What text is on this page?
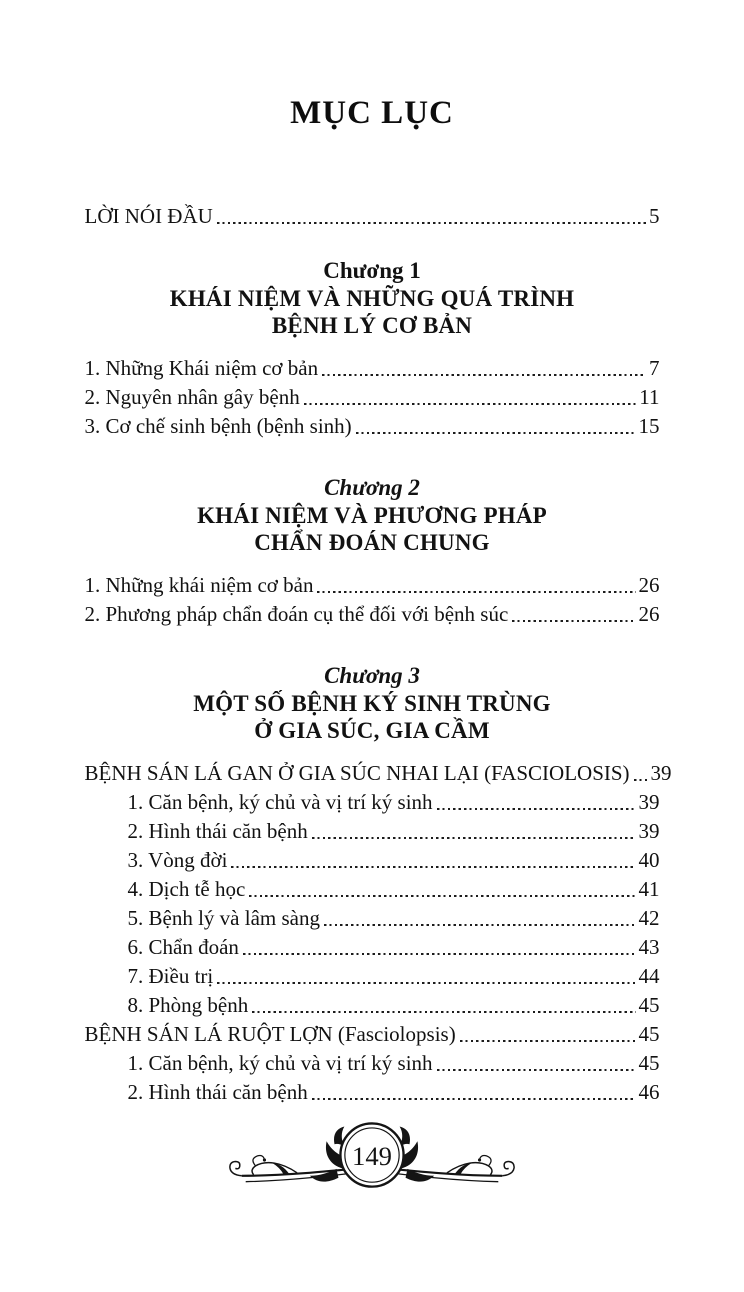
MỤC LỤC
LỜI NÓI ĐẦU	5
Chương 1
KHÁI NIỆM VÀ NHỮNG QUÁ TRÌNH
BỆNH LÝ CƠ BẢN
1. Những Khái niệm cơ bản	7
2. Nguyên nhân gây bệnh	11
3. Cơ chế sinh bệnh (bệnh sinh)	15
Chương 2
KHÁI NIỆM VÀ PHƯƠNG PHÁP
CHẨN ĐOÁN CHUNG
1. Những khái niệm cơ bản	26
2. Phương pháp chẩn đoán cụ thể đối với bệnh súc	26
Chương 3
MỘT SỐ BỆNH KÝ SINH TRÙNG
Ở GIA SÚC, GIA CẦM
BỆNH SÁN LÁ GAN Ở GIA SÚC NHAI LẠI (FASCIOLOSIS) 39
1. Căn bệnh, ký chủ và vị trí ký sinh	39
2. Hình thái căn bệnh	39
3. Vòng đời	40
4. Dịch tễ học	41
5. Bệnh lý và lâm sàng	42
6. Chẩn đoán	43
7. Điều trị	44
8. Phòng bệnh	45
BỆNH SÁN LÁ RUỘT LỢN (Fasciolopsis)	45
1. Căn bệnh, ký chủ và vị trí ký sinh	45
2. Hình thái căn bệnh	46
149
